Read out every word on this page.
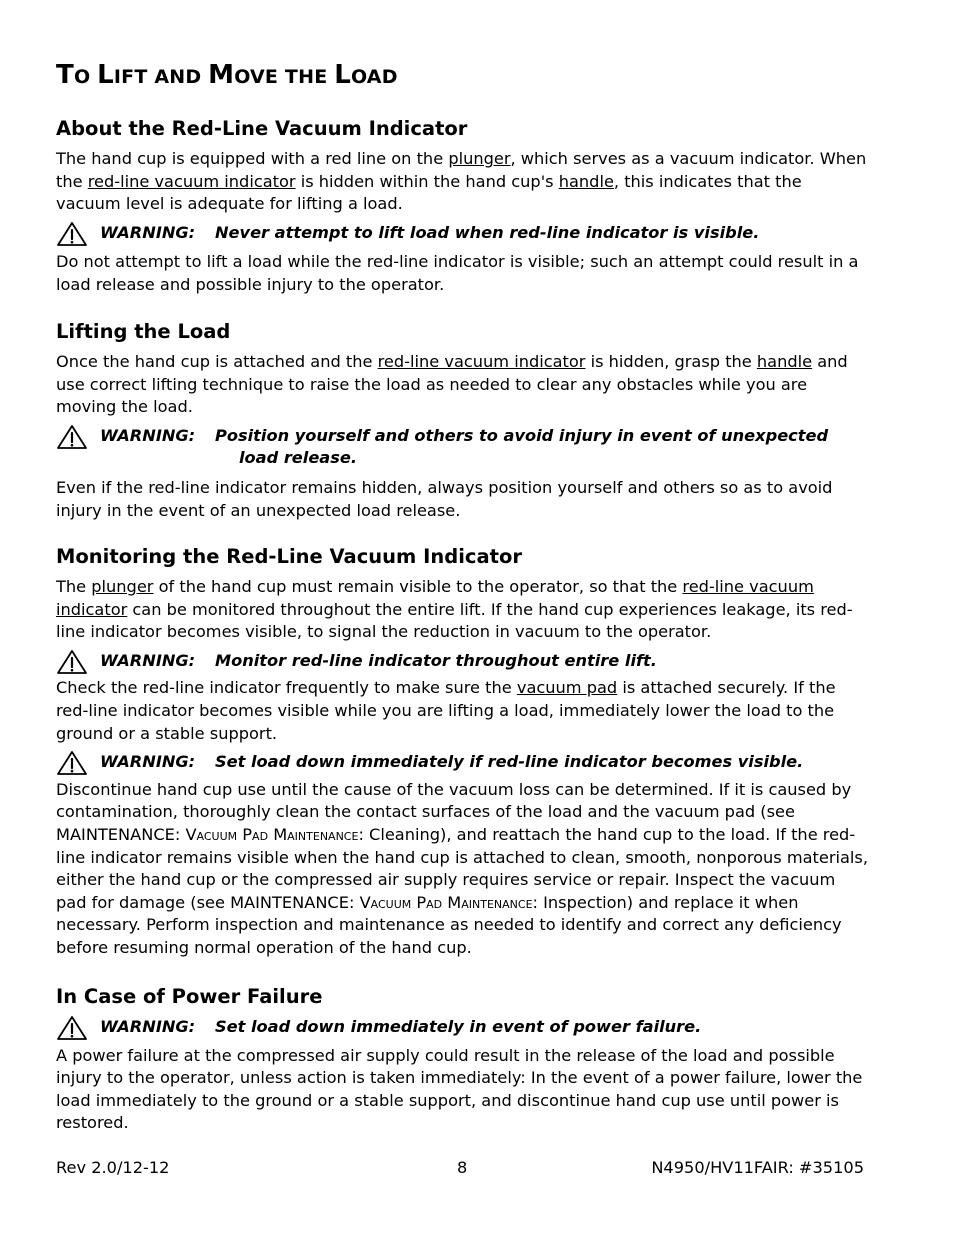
TO LIFT AND MOVE THE LOAD
About the Red-Line Vacuum Indicator

The hand cup is equipped with a red line on the plunger, which serves as a vacuum indicator. When the red-line vacuum indicator is hidden within the hand cup's handle, this indicates that the vacuum level is adequate for lifting a load.

WARNING: Never attempt to lift load when red-line indicator is visible.

Do not attempt to lift a load while the red-line indicator is visible; such an attempt could result in a load release and possible injury to the operator.

Lifting the Load

Once the hand cup is attached and the red-line vacuum indicator is hidden, grasp the handle and use correct lifting technique to raise the load as needed to clear any obstacles while you are moving the load.

WARNING: Position yourself and others to avoid injury in event of unexpected
load release.

Even if the red-line indicator remains hidden, always position yourself and others so as to avoid injury in the event of an unexpected load release.

Monitoring the Red-Line Vacuum Indicator

The plunger of the hand cup must remain visible to the operator, so that the red-line vacuum indicator can be monitored throughout the entire lift. If the hand cup experiences leakage, its red-line indicator becomes visible, to signal the reduction in vacuum to the operator.

WARNING: Monitor red-line indicator throughout entire lift.

Check the red-line indicator frequently to make sure the vacuum pad is attached securely. If the red-line indicator becomes visible while you are lifting a load, immediately lower the load to the ground or a stable support.

WARNING: Set load down immediately if red-line indicator becomes visible.

Discontinue hand cup use until the cause of the vacuum loss can be determined. If it is caused by contamination, thoroughly clean the contact surfaces of the load and the vacuum pad (see MAINTENANCE: Vacuum Pad Maintenance: Cleaning), and reattach the hand cup to the load. If the red-line indicator remains visible when the hand cup is attached to clean, smooth, nonporous materials, either the hand cup or the compressed air supply requires service or repair. Inspect the vacuum pad for damage (see MAINTENANCE: Vacuum Pad Maintenance: Inspection) and replace it when necessary. Perform inspection and maintenance as needed to identify and correct any deficiency before resuming normal operation of the hand cup.

In Case of Power Failure
WARNING: Set load down immediately in event of power failure.

A power failure at the compressed air supply could result in the release of the load and possible injury to the operator, unless action is taken immediately: In the event of a power failure, lower the load immediately to the ground or a stable support, and discontinue hand cup use until power is restored.

Rev 2.0/12-12	8	N4950/HV11FAIR: #35105
